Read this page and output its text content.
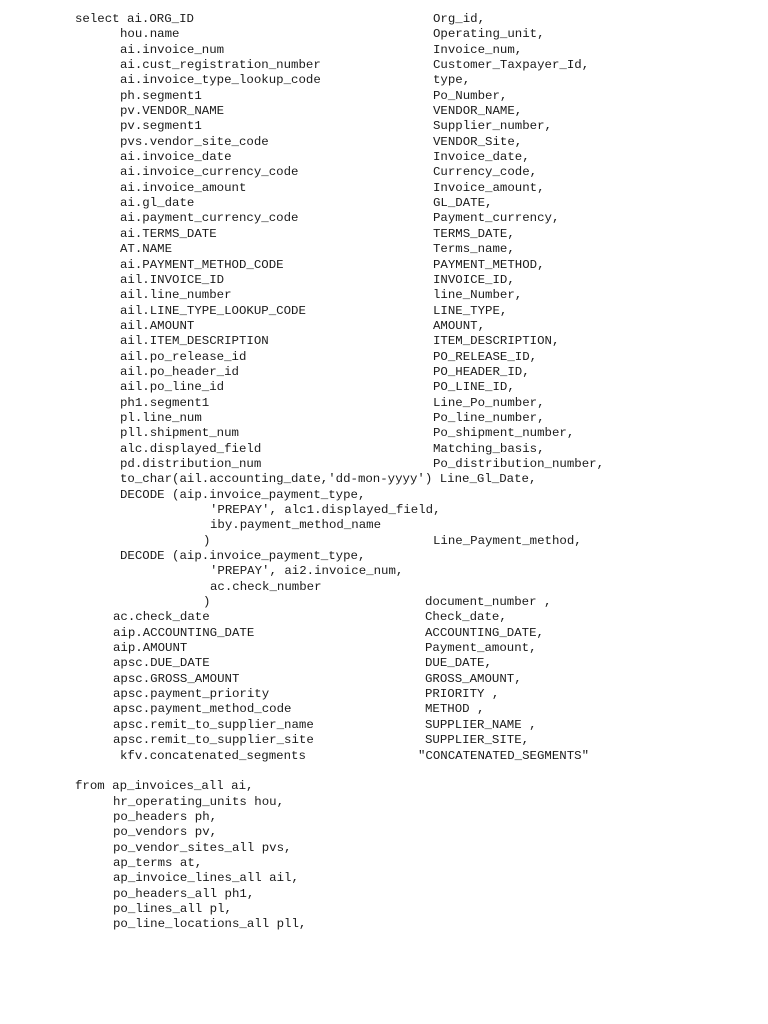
select ai.ORG_ID	Org_id,
hou.name	Operating_unit,
ai.invoice_num	Invoice_num,
ai.cust_registration_number	Customer_Taxpayer_Id,
ai.invoice_type_lookup_code	type,
ph.segment1	Po_Number,
pv.VENDOR_NAME	VENDOR_NAME,
pv.segment1	Supplier_number,
pvs.vendor_site_code	VENDOR_Site,
ai.invoice_date	Invoice_date,
ai.invoice_currency_code	Currency_code,
ai.invoice_amount	Invoice_amount,
ai.gl_date	GL_DATE,
ai.payment_currency_code	Payment_currency,
ai.TERMS_DATE	TERMS_DATE,
AT.NAME	Terms_name,
ai.PAYMENT_METHOD_CODE	PAYMENT_METHOD,
ail.INVOICE_ID	INVOICE_ID,
ail.line_number	line_Number,
ail.LINE_TYPE_LOOKUP_CODE	LINE_TYPE,
ail.AMOUNT	AMOUNT,
ail.ITEM_DESCRIPTION	ITEM_DESCRIPTION,
ail.po_release_id	PO_RELEASE_ID,
ail.po_header_id	PO_HEADER_ID,
ail.po_line_id	PO_LINE_ID,
ph1.segment1	Line_Po_number,
pl.line_num	Po_line_number,
pll.shipment_num	Po_shipment_number,
alc.displayed_field	Matching_basis,
pd.distribution_num	Po_distribution_number,
to_char(ail.accounting_date,'dd-mon-yyyy') Line_Gl_Date,
DECODE (aip.invoice_payment_type,
'PREPAY', alc1.displayed_field,
iby.payment_method_name
)	Line_Payment_method,
DECODE (aip.invoice_payment_type,
'PREPAY', ai2.invoice_num,
ac.check_number
)	document_number ,
ac.check_date	Check_date,
aip.ACCOUNTING_DATE	ACCOUNTING_DATE,
aip.AMOUNT	Payment_amount,
apsc.DUE_DATE	DUE_DATE,
apsc.GROSS_AMOUNT	GROSS_AMOUNT,
apsc.payment_priority	PRIORITY ,
apsc.payment_method_code	METHOD ,
apsc.remit_to_supplier_name	SUPPLIER_NAME ,
apsc.remit_to_supplier_site	SUPPLIER_SITE,
kfv.concatenated_segments	"CONCATENATED_SEGMENTS"
from ap_invoices_all ai,
hr_operating_units hou,
po_headers ph,
po_vendors pv,
po_vendor_sites_all pvs,
ap_terms at,
ap_invoice_lines_all ail,
po_headers_all ph1,
po_lines_all pl,
po_line_locations_all pll,
